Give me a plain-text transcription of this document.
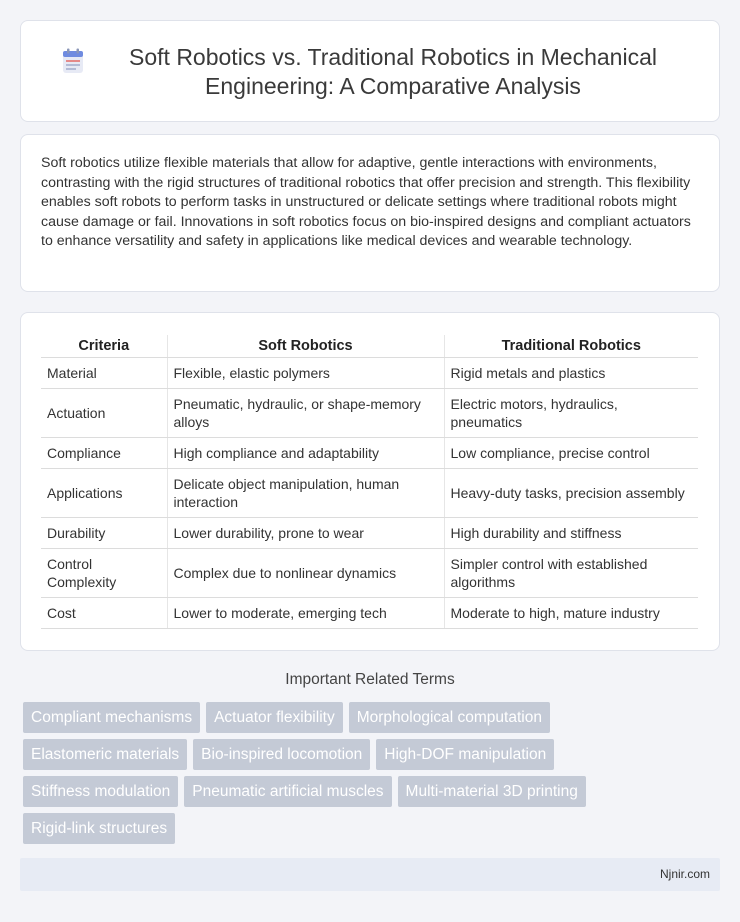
Soft Robotics vs. Traditional Robotics in Mechanical Engineering: A Comparative Analysis

Soft robotics utilize flexible materials that allow for adaptive, gentle interactions with environments, contrasting with the rigid structures of traditional robotics that offer precision and strength. This flexibility enables soft robots to perform tasks in unstructured or delicate settings where traditional robots might cause damage or fail. Innovations in soft robotics focus on bio-inspired designs and compliant actuators to enhance versatility and safety in applications like medical devices and wearable technology.

Criteria	Soft Robotics	Traditional Robotics
Material	Flexible, elastic polymers	Rigid metals and plastics
Actuation	Pneumatic, hydraulic, or shape-memory alloys	Electric motors, hydraulics, pneumatics
Compliance	High compliance and adaptability	Low compliance, precise control
Applications	Delicate object manipulation, human interaction	Heavy-duty tasks, precision assembly
Durability	Lower durability, prone to wear	High durability and stiffness
Control Complexity	Complex due to nonlinear dynamics	Simpler control with established algorithms
Cost	Lower to moderate, emerging tech	Moderate to high, mature industry
Important Related Terms
Compliant mechanisms	Actuator flexibility	Morphological computation
Elastomeric materials	Bio-inspired locomotion	High-DOF manipulation
Stiffness modulation	Pneumatic artificial muscles	Multi-material 3D printing
Rigid-link structures
Njnir.com
